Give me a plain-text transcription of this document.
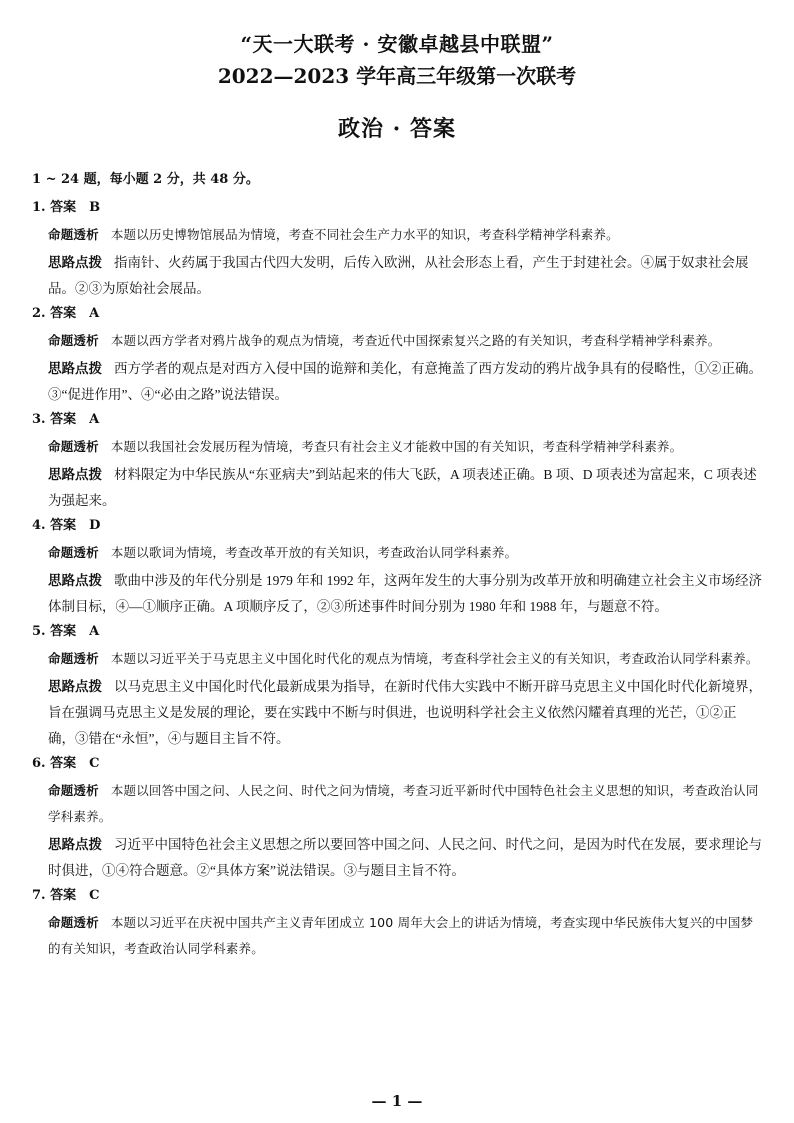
“天一大联考 · 安徽卓越县中联盟”
2022—2023 学年高三年级第一次联考
政治 · 答案
1 ~ 24 题，每小题 2 分，共 48 分。
1. 答案　B
命题透析 本题以历史博物馆展品为情境，考查不同社会生产力水平的知识，考查科学精神学科素养。
思路点拨 指南针、火药属于我国古代四大发明，后传入欧洲，从社会形态上看，产生于封建社会。④属于奴隶社会展品。②③为原始社会展品。
2. 答案　A
命题透析 本题以西方学者对鸦片战争的观点为情境，考查近代中国探索复兴之路的有关知识，考查科学精神学科素养。
思路点拨 西方学者的观点是对西方入侵中国的诡辩和美化，有意掩盖了西方发动的鸦片战争具有的侵略性，①②正确。③“促进作用”、④“必由之路”说法错误。
3. 答案　A
命题透析 本题以我国社会发展历程为情境，考查只有社会主义才能救中国的有关知识，考查科学精神学科素养。
思路点拨 材料限定为中华民族从“东亚病夫”到站起来的伟大飞跃，A 项表述正确。B 项、D 项表述为富起来，C 项表述为强起来。
4. 答案　D
命题透析 本题以歌词为情境，考查改革开放的有关知识，考查政治认同学科素养。
思路点拨 歌曲中涉及的年代分别是 1979 年和 1992 年，这两年发生的大事分别为改革开放和明确建立社会主义市场经济体制目标，④—①顺序正确。A 项顺序反了，②③所述事件时间分别为 1980 年和 1988 年，与题意不符。
5. 答案　A
命题透析 本题以习近平关于马克思主义中国化时代化的观点为情境，考查科学社会主义的有关知识，考查政治认同学科素养。
思路点拨 以马克思主义中国化时代化最新成果为指导，在新时代伟大实践中不断开辟马克思主义中国化时代化新境界，旨在强调马克思主义是发展的理论，要在实践中不断与时俱进，也说明科学社会主义依然闪耀着真理的光芒，①②正确，③错在“永恒”，④与题目主旨不符。
6. 答案　C
命题透析 本题以回答中国之问、人民之问、时代之问为情境，考查习近平新时代中国特色社会主义思想的知识，考查政治认同学科素养。
思路点拨 习近平中国特色社会主义思想之所以要回答中国之问、人民之问、时代之问，是因为时代在发展，要求理论与时俱进，①④符合题意。②“具体方案”说法错误。③与题目主旨不符。
7. 答案　C
命题透析 本题以习近平在庆祝中国共产主义青年团成立 100 周年大会上的讲话为情境，考查实现中华民族伟大复兴的中国梦的有关知识，考查政治认同学科素养。
— 1 —
